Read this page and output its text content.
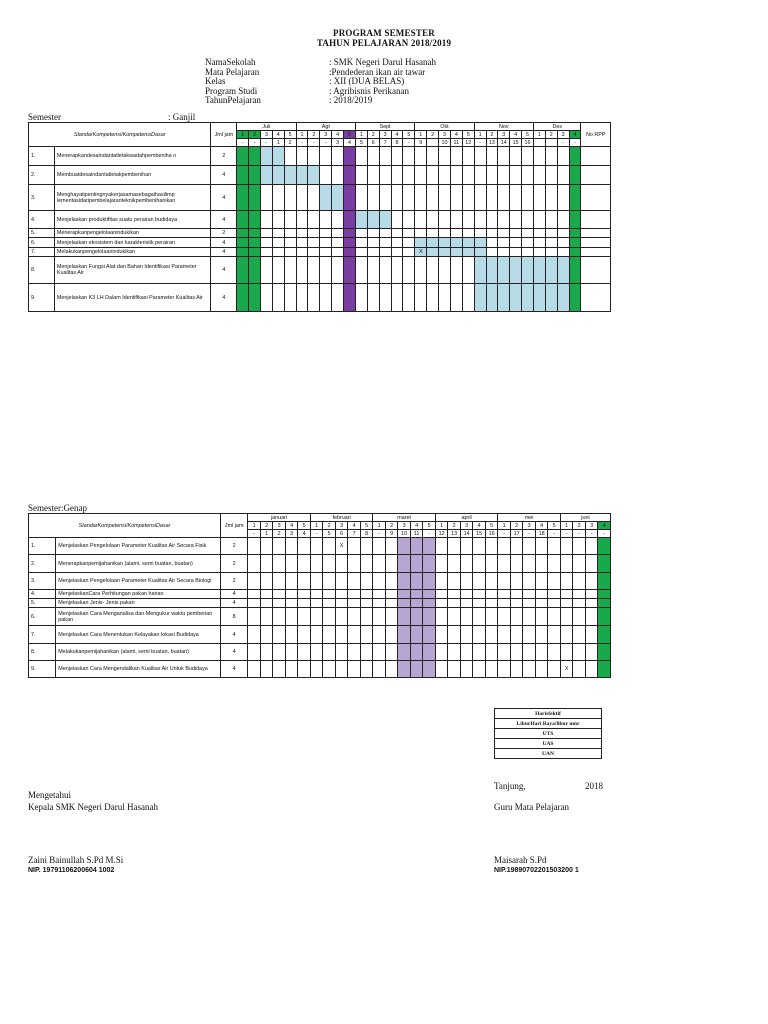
PROGRAM SEMESTER
TAHUN PELAJARAN 2018/2019
NamaSekolah	: SMK Negeri Darul Hasanah
Mata Pelajaran	:Pendederan ikan air tawar
Kelas	: XII (DUA BELAS)
Program Studi	: Agribisnis Perikanan
TahunPelajaran	: 2018/2019
Semester	: Ganjil
StandarKompetensi/KompetensiDasar		Jml jam	Juli					Agt					Sept					Okt					Nov					Des				No RPP
			1	2	3	4	5	1	2	3	4	5	1	2	3	4	5	1	2	3	4	5	1	2	3	4	5	1	2	3	4	
			-	-	-	1	2	-	-	-	3	4	5	6	7	8	-	9		10	11	12	-	13	14	15	16			-	-	
1.	Menerapkandesaindantatletakwadahpembeniha n	2																														
2.	Membuatdesaindantatletakpembenihan	4																														
3.	Menghayatipentingnyakerjasamasebagaihasilimp lementasidaripembelajaranteknikpembenihanikan	4																														
4.	Menjelaskan produktifitas suatu perairan budidaya	4																														
5.	Menerapkanpengelolaanindukikan	2																														
6.	Menjelaskan ekosistem dan karakteristik perairan	4																														
7.	Melakukanpengelolaanindukikan	4																X														
8.	Menjelaskan Fungsi Alat dan Bahan Identifikasi Parameter Kualitas Air	4																														
9.	Menjelaskan K3 LH Dalam Identifikasi Parameter Kualitas Air	4																														
Semester:Genap
StandarKompetensi/KompetensiDasar		Jml jam	januari					februari					maret					april					mei					juni			
			1	2	3	4	5	1	2	3	4	5	1	2	3	4	5	1	2	3	4	5	1	2	3	4	5	1	2	3	4
			-	1	2	3	4	-	5	6	7	8	-	9	10	11	-	12	13	14	15	16	-	17	-	18	-	-	-	-	-
1.	Menjelaskan Pengelolaan Parameter Kualitas Air Secara Fisik	2								X																					
2.	Menerapkanpemijahanikan (alami, semi buatan, buatan)	2																													
3.	Menjelaskan Pengelolaan Parameter Kualitas Air Secara Biologi	2																													
4.	MenjelaskanCara Perhitungan pakan harian	4																													
5.	Menjelaskan Jenis- Jenis pakan	4																													
6.	Menjelaskan Cara Menganalisa dan Mengukur waktu pemberian pakan	8																													
7.	Menjelaskan Cara Menentukan Kelayakan lokasi Budidaya	4																													
8.	Melakukanpemijahanikan (alami, semi buatan, buatan)	4																													
9.	Menjelaskan Cara Mengendalikan Kualitas Air Untuk Budidaya	4																										X			
Harisfektif
LiburHari Raya/libur umr
UTS
UAS
UAN
Tanjung,	2018
Mengetahui
Kepala SMK Negeri Darul Hasanah	Guru Mata Pelajaran
Zaini Bainullah S.Pd M.Si	Maisarah S.Pd
NIP. 19791106200604 1002	NIP.19890702201503200 1
